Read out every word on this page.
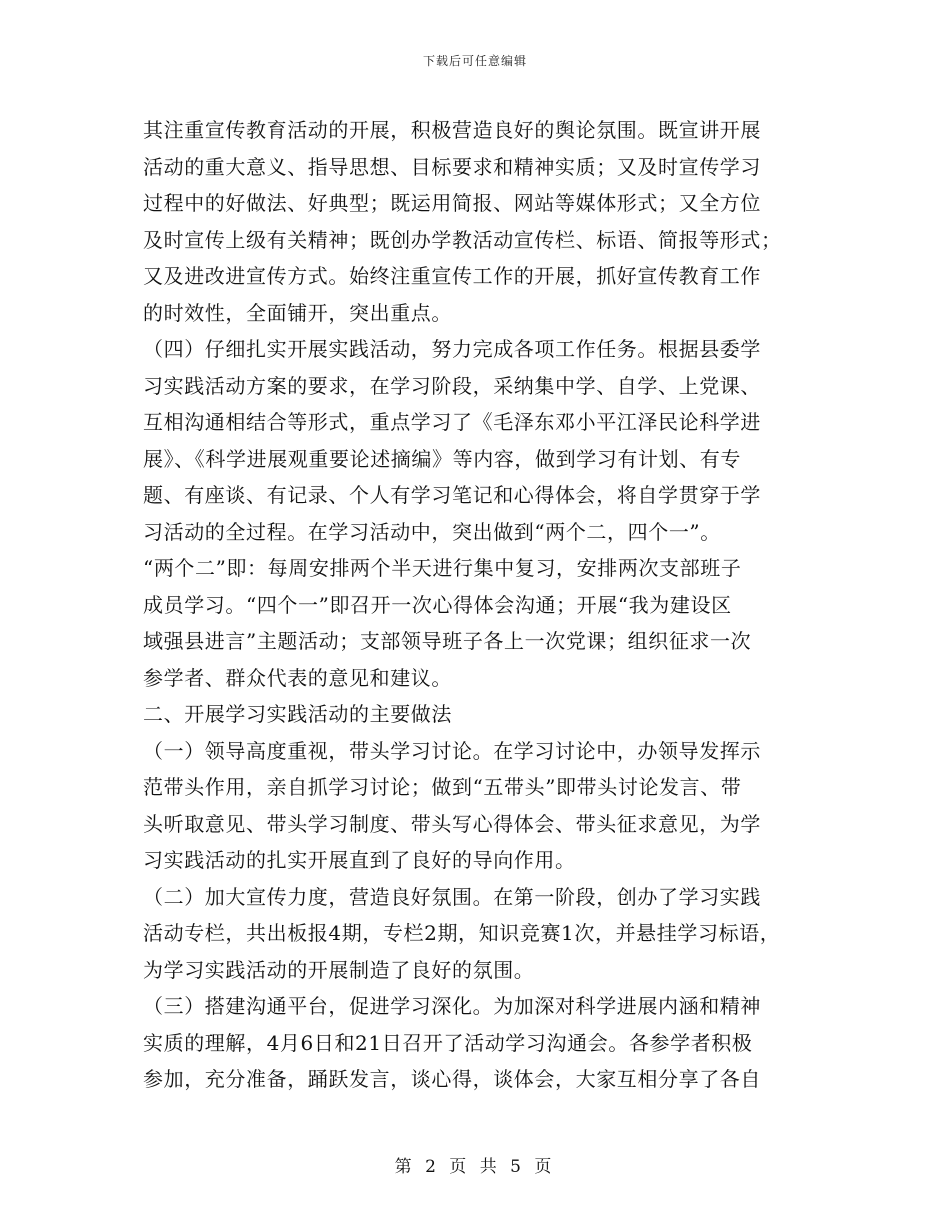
下载后可任意编辑
其注重宣传教育活动的开展，积极营造良好的舆论氛围。既宣讲开展
活动的重大意义、指导思想、目标要求和精神实质；又及时宣传学习
过程中的好做法、好典型；既运用简报、网站等媒体形式；又全方位
及时宣传上级有关精神；既创办学教活动宣传栏、标语、简报等形式；
又及进改进宣传方式。始终注重宣传工作的开展，抓好宣传教育工作
的时效性，全面铺开，突出重点。
（四）仔细扎实开展实践活动，努力完成各项工作任务。根据县委学
习实践活动方案的要求，在学习阶段，采纳集中学、自学、上党课、
互相沟通相结合等形式，重点学习了《毛泽东邓小平江泽民论科学进
展》、《科学进展观重要论述摘编》等内容，做到学习有计划、有专
题、有座谈、有记录、个人有学习笔记和心得体会，将自学贯穿于学
习活动的全过程。在学习活动中，突出做到“两个二，四个一”。
“两个二”即：每周安排两个半天进行集中复习，安排两次支部班子
成员学习。“四个一”即召开一次心得体会沟通；开展“我为建设区
域强县进言”主题活动；支部领导班子各上一次党课；组织征求一次
参学者、群众代表的意见和建议。
二、开展学习实践活动的主要做法
（一）领导高度重视，带头学习讨论。在学习讨论中，办领导发挥示
范带头作用，亲自抓学习讨论；做到“五带头”即带头讨论发言、带
头听取意见、带头学习制度、带头写心得体会、带头征求意见，为学
习实践活动的扎实开展直到了良好的导向作用。
（二）加大宣传力度，营造良好氛围。在第一阶段，创办了学习实践
活动专栏，共出板报4期，专栏2期，知识竞赛1次，并悬挂学习标语，
为学习实践活动的开展制造了良好的氛围。
（三）搭建沟通平台，促进学习深化。为加深对科学进展内涵和精神
实质的理解，4月6日和21日召开了活动学习沟通会。各参学者积极
参加，充分准备，踊跃发言，谈心得，谈体会，大家互相分享了各自
第 2 页 共 5 页
